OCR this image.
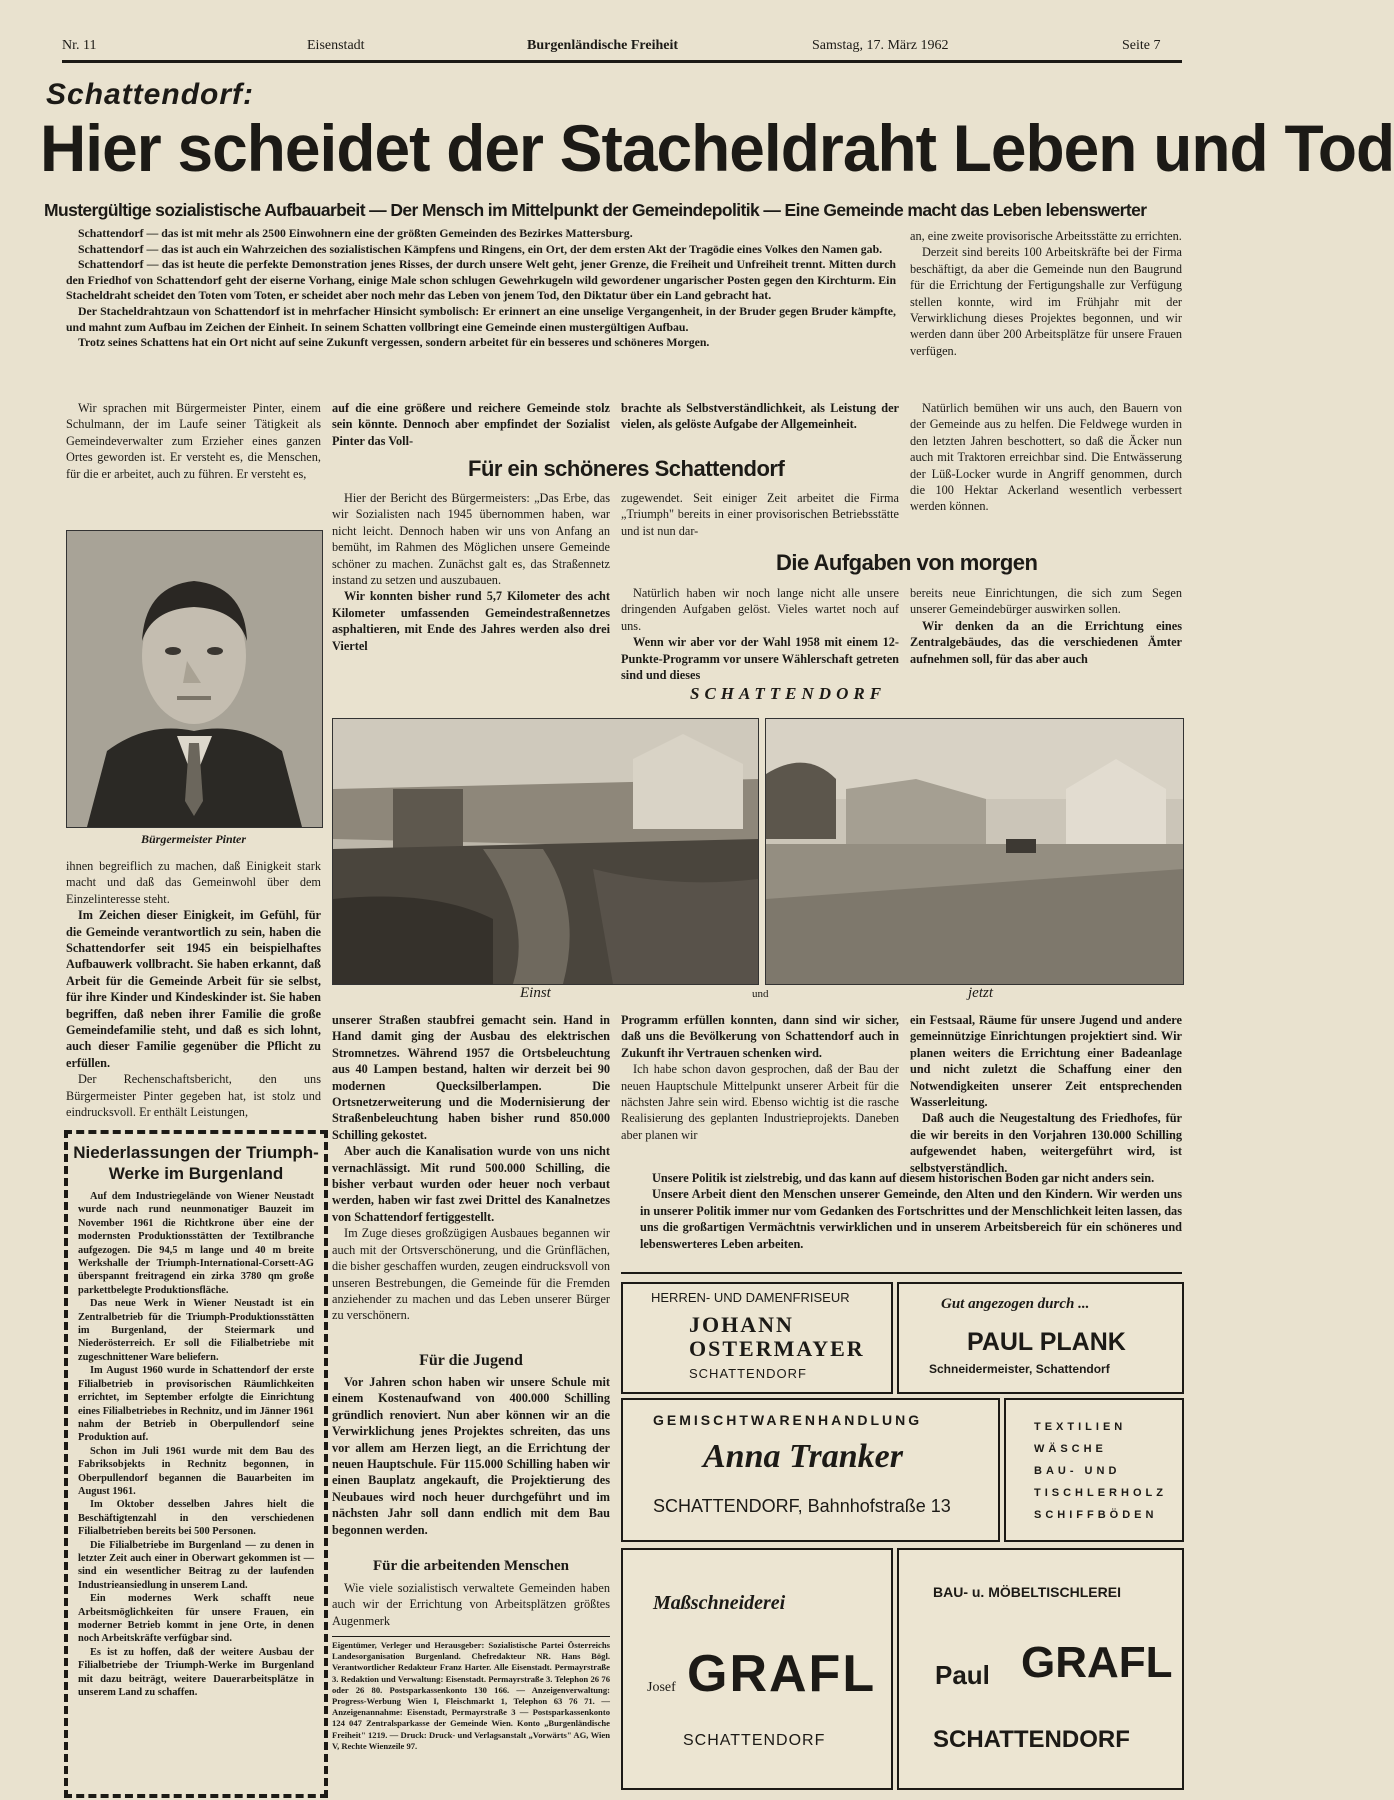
Nr. 11	Eisenstadt	Burgenländische Freiheit	Samstag, 17. März 1962	Seite 7
Schattendorf:
Hier scheidet der Stacheldraht Leben und Tod
Mustergültige sozialistische Aufbauarbeit — Der Mensch im Mittelpunkt der Gemeindepolitik — Eine Gemeinde macht das Leben lebenswerter

Schattendorf — das ist mit mehr als 2500 Einwohnern eine der größten Gemeinden des Bezirkes Mattersburg.

Schattendorf — das ist auch ein Wahrzeichen des sozialistischen Kämpfens und Ringens, ein Ort, der dem ersten Akt der Tragödie eines Volkes den Namen gab.

Schattendorf — das ist heute die perfekte Demonstration jenes Risses, der durch unsere Welt geht, jener Grenze, die Freiheit und Unfreiheit trennt. Mitten durch den Friedhof von Schattendorf geht der eiserne Vorhang, einige Male schon schlugen Gewehrkugeln wild gewordener ungarischer Posten gegen den Kirchturm. Ein Stacheldraht scheidet den Toten vom Toten, er scheidet aber noch mehr das Leben von jenem Tod, den Diktatur über ein Land gebracht hat.

Der Stacheldrahtzaun von Schattendorf ist in mehrfacher Hinsicht symbolisch: Er erinnert an eine unselige Vergangenheit, in der Bruder gegen Bruder kämpfte, und mahnt zum Aufbau im Zeichen der Einheit. In seinem Schatten vollbringt eine Gemeinde einen mustergültigen Aufbau.

Trotz seines Schattens hat ein Ort nicht auf seine Zukunft vergessen, sondern arbeitet für ein besseres und schöneres Morgen.

an, eine zweite provisorische Arbeitsstätte zu errichten.

Derzeit sind bereits 100 Arbeitskräfte bei der Firma beschäftigt, da aber die Gemeinde nun den Baugrund für die Errichtung der Fertigungshalle zur Verfügung stellen konnte, wird im Frühjahr mit der Verwirklichung dieses Projektes begonnen, und wir werden dann über 200 Arbeitsplätze für unsere Frauen verfügen.

Natürlich bemühen wir uns auch, den Bauern von der Gemeinde aus zu helfen. Die Feldwege wurden in den letzten Jahren beschottert, so daß die Äcker nun auch mit Traktoren erreichbar sind. Die Entwässerung der Lüß-Locker wurde in Angriff genommen, durch die 100 Hektar Ackerland wesentlich verbessert werden können.

Wir sprachen mit Bürgermeister Pinter, einem Schulmann, der im Laufe seiner Tätigkeit als Gemeindeverwalter zum Erzieher eines ganzen Ortes geworden ist. Er versteht es, die Menschen, für die er arbeitet, auch zu führen. Er versteht es,

Bürgermeister Pinter

auf die eine größere und reichere Gemeinde stolz sein könnte. Dennoch aber empfindet der Sozialist Pinter das Voll-

brachte als Selbstverständlichkeit, als Leistung der vielen, als gelöste Aufgabe der Allgemeinheit.

Für ein schöneres Schattendorf

Hier der Bericht des Bürgermeisters: „Das Erbe, das wir Sozialisten nach 1945 übernommen haben, war nicht leicht. Dennoch haben wir uns von Anfang an bemüht, im Rahmen des Möglichen unsere Gemeinde schöner zu machen. Zunächst galt es, das Straßennetz instand zu setzen und auszubauen.

Wir konnten bisher rund 5,7 Kilometer des acht Kilometer umfassenden Gemeindestraßennetzes asphaltieren, mit Ende des Jahres werden also drei Viertel

zugewendet. Seit einiger Zeit arbeitet die Firma „Triumph" bereits in einer provisorischen Betriebsstätte und ist nun dar-

Die Aufgaben von morgen

Natürlich haben wir noch lange nicht alle unsere dringenden Aufgaben gelöst. Vieles wartet noch auf uns.

Wenn wir aber vor der Wahl 1958 mit einem 12-Punkte-Programm vor unsere Wählerschaft getreten sind und dieses

bereits neue Einrichtungen, die sich zum Segen unserer Gemeindebürger auswirken sollen.

Wir denken da an die Errichtung eines Zentralgebäudes, das die verschiedenen Ämter aufnehmen soll, für das aber auch

SCHATTENDORF
Einst	und	jetzt

ihnen begreiflich zu machen, daß Einigkeit stark macht und daß das Gemeinwohl über dem Einzelinteresse steht.

Im Zeichen dieser Einigkeit, im Gefühl, für die Gemeinde verantwortlich zu sein, haben die Schattendorfer seit 1945 ein beispielhaftes Aufbauwerk vollbracht. Sie haben erkannt, daß Arbeit für die Gemeinde Arbeit für sie selbst, für ihre Kinder und Kindeskinder ist. Sie haben begriffen, daß neben ihrer Familie die große Gemeindefamilie steht, und daß es sich lohnt, auch dieser Familie gegenüber die Pflicht zu erfüllen.

Der Rechenschaftsbericht, den uns Bürgermeister Pinter gegeben hat, ist stolz und eindrucksvoll. Er enthält Leistungen,

Niederlassungen der Triumph-Werke im Burgenland

Auf dem Industriegelände von Wiener Neustadt wurde nach rund neunmonatiger Bauzeit im November 1961 die Richtkrone über eine der modernsten Produktionsstätten der Textilbranche aufgezogen. Die 94,5 m lange und 40 m breite Werkshalle der Triumph-International-Corsett-AG überspannt freitragend ein zirka 3780 qm große parkettbelegte Produktionsfläche.

Das neue Werk in Wiener Neustadt ist ein Zentralbetrieb für die Triumph-Produktionsstätten im Burgenland, der Steiermark und Niederösterreich. Er soll die Filialbetriebe mit zugeschnittener Ware beliefern.

Im August 1960 wurde in Schattendorf der erste Filialbetrieb in provisorischen Räumlichkeiten errichtet, im September erfolgte die Einrichtung eines Filialbetriebes in Rechnitz, und im Jänner 1961 nahm der Betrieb in Oberpullendorf seine Produktion auf.

Schon im Juli 1961 wurde mit dem Bau des Fabriksobjekts in Rechnitz begonnen, in Oberpullendorf begannen die Bauarbeiten im August 1961.

Im Oktober desselben Jahres hielt die Beschäftigtenzahl in den verschiedenen Filialbetrieben bereits bei 500 Personen.

Die Filialbetriebe im Burgenland — zu denen in letzter Zeit auch einer in Oberwart gekommen ist — sind ein wesentlicher Beitrag zu der laufenden Industrieansiedlung in unserem Land.

Ein modernes Werk schafft neue Arbeitsmöglichkeiten für unsere Frauen, ein moderner Betrieb kommt in jene Orte, in denen noch Arbeitskräfte verfügbar sind.

Es ist zu hoffen, daß der weitere Ausbau der Filialbetriebe der Triumph-Werke im Burgenland mit dazu beiträgt, weitere Dauerarbeitsplätze in unserem Land zu schaffen.

unserer Straßen staubfrei gemacht sein. Hand in Hand damit ging der Ausbau des elektrischen Stromnetzes. Während 1957 die Ortsbeleuchtung aus 40 Lampen bestand, halten wir derzeit bei 90 modernen Quecksilberlampen. Die Ortsnetzerweiterung und die Modernisierung der Straßenbeleuchtung haben bisher rund 850.000 Schilling gekostet.

Aber auch die Kanalisation wurde von uns nicht vernachlässigt. Mit rund 500.000 Schilling, die bisher verbaut wurden oder heuer noch verbaut werden, haben wir fast zwei Drittel des Kanalnetzes von Schattendorf fertiggestellt.

Im Zuge dieses großzügigen Ausbaues begannen wir auch mit der Ortsverschönerung, und die Grünflächen, die bisher geschaffen wurden, zeugen eindrucksvoll von unseren Bestrebungen, die Gemeinde für die Fremden anziehender zu machen und das Leben unserer Bürger zu verschönern.

Für die Jugend

Vor Jahren schon haben wir unsere Schule mit einem Kostenaufwand von 400.000 Schilling gründlich renoviert. Nun aber können wir an die Verwirklichung jenes Projektes schreiten, das uns vor allem am Herzen liegt, an die Errichtung der neuen Hauptschule. Für 115.000 Schilling haben wir einen Bauplatz angekauft, die Projektierung des Neubaues wird noch heuer durchgeführt und im nächsten Jahr soll dann endlich mit dem Bau begonnen werden.

Für die arbeitenden Menschen

Wie viele sozialistisch verwaltete Gemeinden haben auch wir der Errichtung von Arbeitsplätzen größtes Augenmerk

Eigentümer, Verleger und Herausgeber: Sozialistische Partei Österreichs Landesorganisation Burgenland. Chefredakteur NR. Hans Bögl. Verantwortlicher Redakteur Franz Harter. Alle Eisenstadt. Permayrstraße 3. Redaktion und Verwaltung: Eisenstadt. Permayrstraße 3. Telephon 26 76 oder 26 80. Postsparkassenkonto 130 166. — Anzeigenverwaltung: Progress-Werbung Wien I, Fleischmarkt 1, Telephon 63 76 71. — Anzeigenannahme: Eisenstadt, Permayrstraße 3 — Postsparkassenkonto 124 047 Zentralsparkasse der Gemeinde Wien. Konto „Burgenländische Freiheit" 1219. — Druck: Druck- und Verlagsanstalt „Vorwärts" AG, Wien V, Rechte Wienzeile 97.

Programm erfüllen konnten, dann sind wir sicher, daß uns die Bevölkerung von Schattendorf auch in Zukunft ihr Vertrauen schenken wird.

Ich habe schon davon gesprochen, daß der Bau der neuen Hauptschule Mittelpunkt unserer Arbeit für die nächsten Jahre sein wird. Ebenso wichtig ist die rasche Realisierung des geplanten Industrieprojekts. Daneben aber planen wir

ein Festsaal, Räume für unsere Jugend und andere gemeinnützige Einrichtungen projektiert sind. Wir planen weiters die Errichtung einer Badeanlage und nicht zuletzt die Schaffung einer den Notwendigkeiten unserer Zeit entsprechenden Wasserleitung.

Daß auch die Neugestaltung des Friedhofes, für die wir bereits in den Vorjahren 130.000 Schilling aufgewendet haben, weitergeführt wird, ist selbstverständlich.

Unsere Politik ist zielstrebig, und das kann auf diesem historischen Boden gar nicht anders sein.

Unsere Arbeit dient den Menschen unserer Gemeinde, den Alten und den Kindern. Wir werden uns in unserer Politik immer nur vom Gedanken des Fortschrittes und der Menschlichkeit leiten lassen, das uns die großartigen Vermächtnis verwirklichen und in unserem Arbeitsbereich für ein schöneres und lebenswerteres Leben arbeiten.

HERREN- UND DAMENFRISEUR
JOHANN
OSTERMAYER
SCHATTENDORF
Gut angezogen durch ...
PAUL PLANK
Schneidermeister, Schattendorf
GEMISCHTWARENHANDLUNG
Anna Tranker
SCHATTENDORF, Bahnhofstraße 13
TEXTILIEN
WÄSCHE
BAU- UND
TISCHLERHOLZ
SCHIFFBÖDEN
Maßschneiderei
Josef GRAFL
SCHATTENDORF
BAU- u. MÖBELTISCHLEREI
Paul GRAFL
SCHATTENDORF
